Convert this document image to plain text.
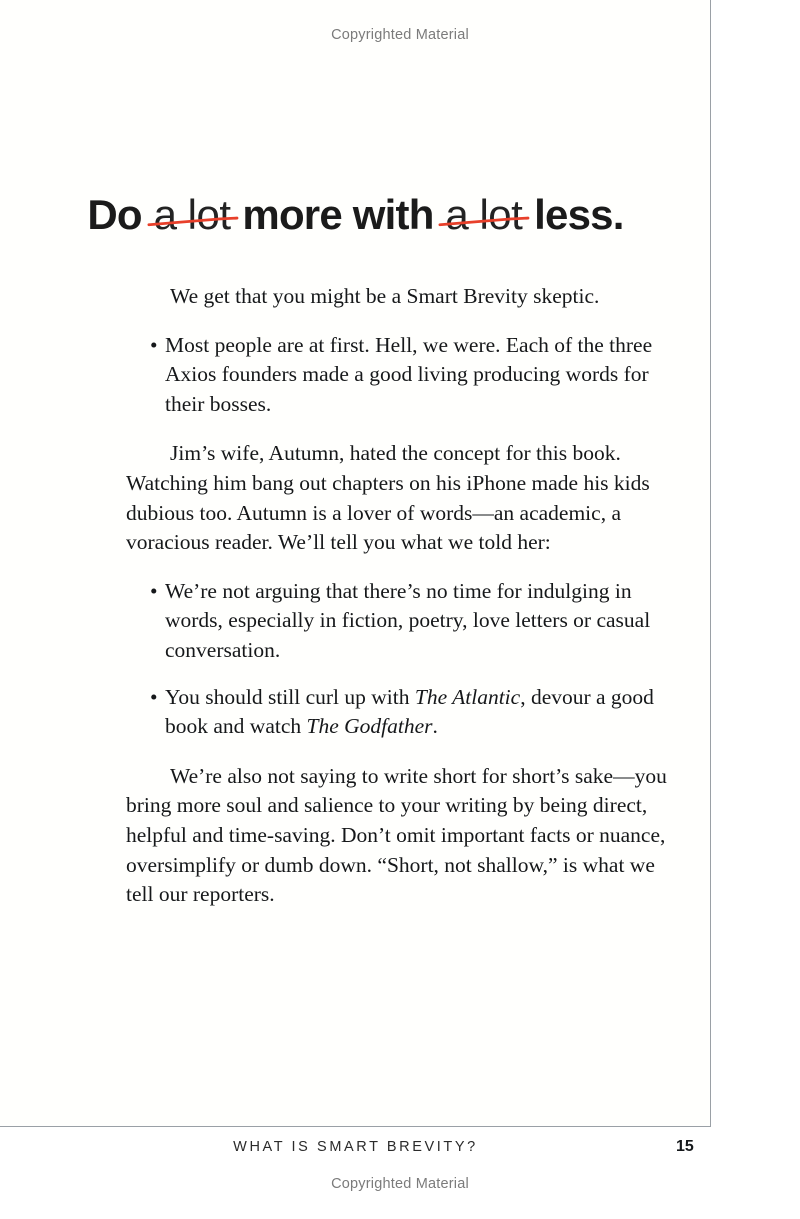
Copyrighted Material
Do a lot
more with a lot
less.

We get that you might be a Smart Brevity skeptic.

• Most people are at first. Hell, we were. Each of the three Axios founders made a good living producing words for their bosses.

Jim’s wife, Autumn, hated the concept for this book. Watching him bang out chapters on his iPhone made his kids dubious too. Autumn is a lover of words—an academic, a voracious reader. We’ll tell you what we told her:

• We’re not arguing that there’s no time for indulging in words, especially in fiction, poetry, love letters or casual conversation.
• You should still curl up with The Atlantic, devour a good book and watch The Godfather.

We’re also not saying to write short for short’s sake—you bring more soul and salience to your writing by being direct, helpful and time-saving. Don’t omit important facts or nuance, oversimplify or dumb down. “Short, not shallow,” is what we tell our reporters.

WHAT IS SMART BREVITY?	15
Copyrighted Material
